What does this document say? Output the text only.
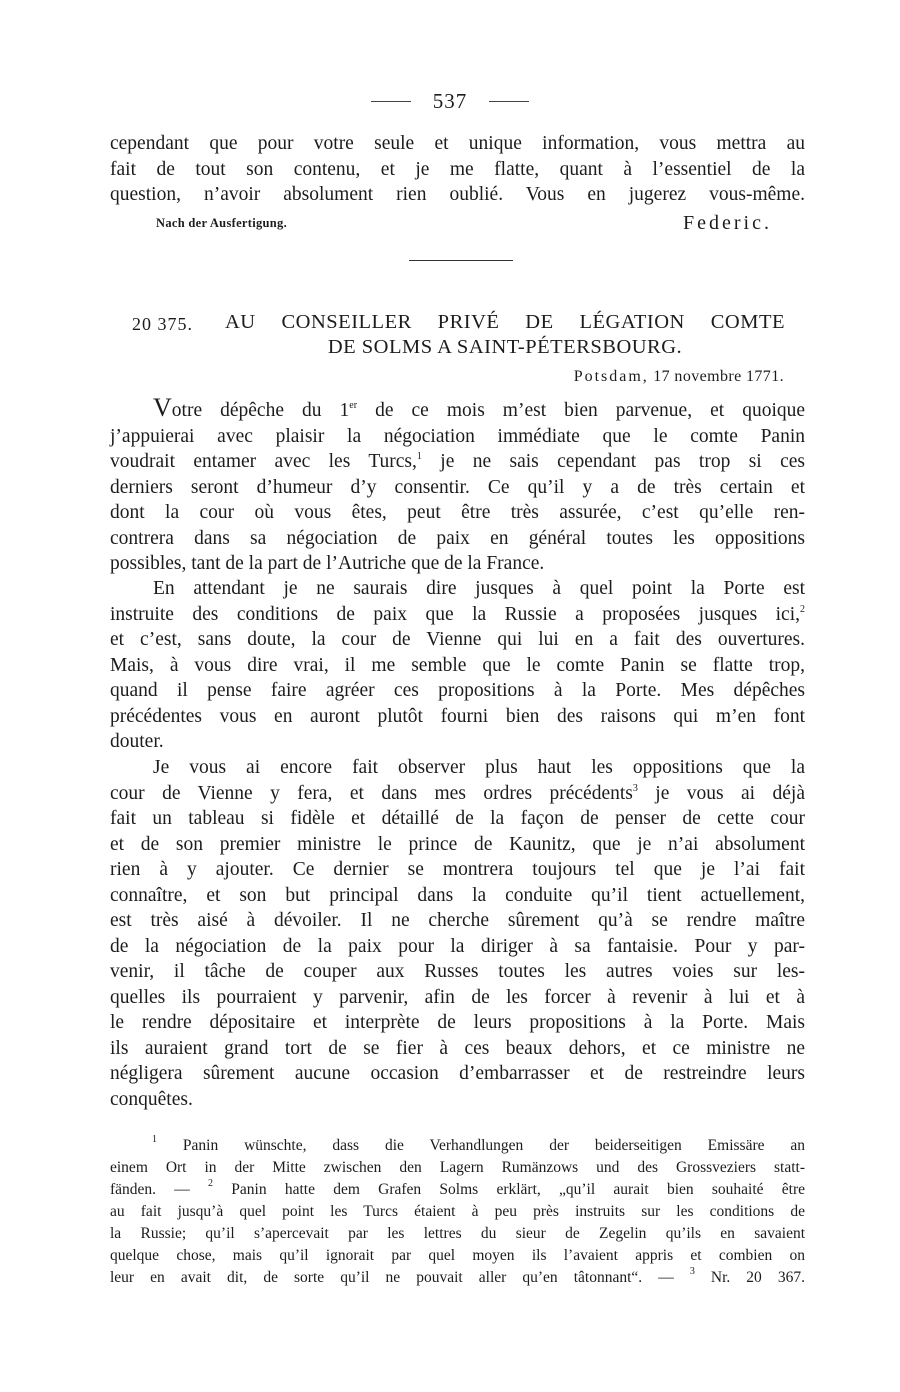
537
cependant que pour votre seule et unique information, vous mettra au
fait de tout son contenu, et je me flatte, quant à l’essentiel de la
question, n’avoir absolument rien oublié. Vous en jugerez vous-même.
Nach der Ausfertigung.	Federic.
20 375. AU CONSEILLER PRIVÉ DE LÉGATION COMTE
DE SOLMS A SAINT-PÉTERSBOURG.
Potsdam, 17 novembre 1771.
Votre dépêche du 1er de ce mois m’est bien parvenue, et quoique
j’appuierai avec plaisir la négociation immédiate que le comte Panin
voudrait entamer avec les Turcs,$^1$ je ne sais cependant pas trop si ces
derniers seront d’humeur d’y consentir. Ce qu’il y a de très certain et
dont la cour où vous êtes, peut être très assurée, c’est qu’elle ren-
contrera dans sa négociation de paix en général toutes les oppositions
possibles, tant de la part de l’Autriche que de la France.
En attendant je ne saurais dire jusques à quel point la Porte est
instruite des conditions de paix que la Russie a proposées jusques ici,$^2$
et c’est, sans doute, la cour de Vienne qui lui en a fait des ouvertures.
Mais, à vous dire vrai, il me semble que le comte Panin se flatte trop,
quand il pense faire agréer ces propositions à la Porte. Mes dépêches
précédentes vous en auront plutôt fourni bien des raisons qui m’en font
douter.
Je vous ai encore fait observer plus haut les oppositions que la
cour de Vienne y fera, et dans mes ordres précédents$^3$ je vous ai déjà
fait un tableau si fidèle et détaillé de la façon de penser de cette cour
et de son premier ministre le prince de Kaunitz, que je n’ai absolument
rien à y ajouter. Ce dernier se montrera toujours tel que je l’ai fait
connaître, et son but principal dans la conduite qu’il tient actuellement,
est très aisé à dévoiler. Il ne cherche sûrement qu’à se rendre maître
de la négociation de la paix pour la diriger à sa fantaisie. Pour y par-
venir, il tâche de couper aux Russes toutes les autres voies sur les-
quelles ils pourraient y parvenir, afin de les forcer à revenir à lui et à
le rendre dépositaire et interprète de leurs propositions à la Porte. Mais
ils auraient grand tort de se fier à ces beaux dehors, et ce ministre ne
négligera sûrement aucune occasion d’embarrasser et de restreindre leurs
conquêtes.
$^1$ Panin wünschte, dass die Verhandlungen der beiderseitigen Emissäre an
einem Ort in der Mitte zwischen den Lagern Rumänzows und des Grossveziers statt-
fänden. — $^2$ Panin hatte dem Grafen Solms erklärt, „qu’il aurait bien souhaité être
au fait jusqu’à quel point les Turcs étaient à peu près instruits sur les conditions de
la Russie; qu’il s’apercevait par les lettres du sieur de Zegelin qu’ils en savaient
quelque chose, mais qu’il ignorait par quel moyen ils l’avaient appris et combien on
leur en avait dit, de sorte qu’il ne pouvait aller qu’en tâtonnant“. — $^3$ Nr. 20 367.
